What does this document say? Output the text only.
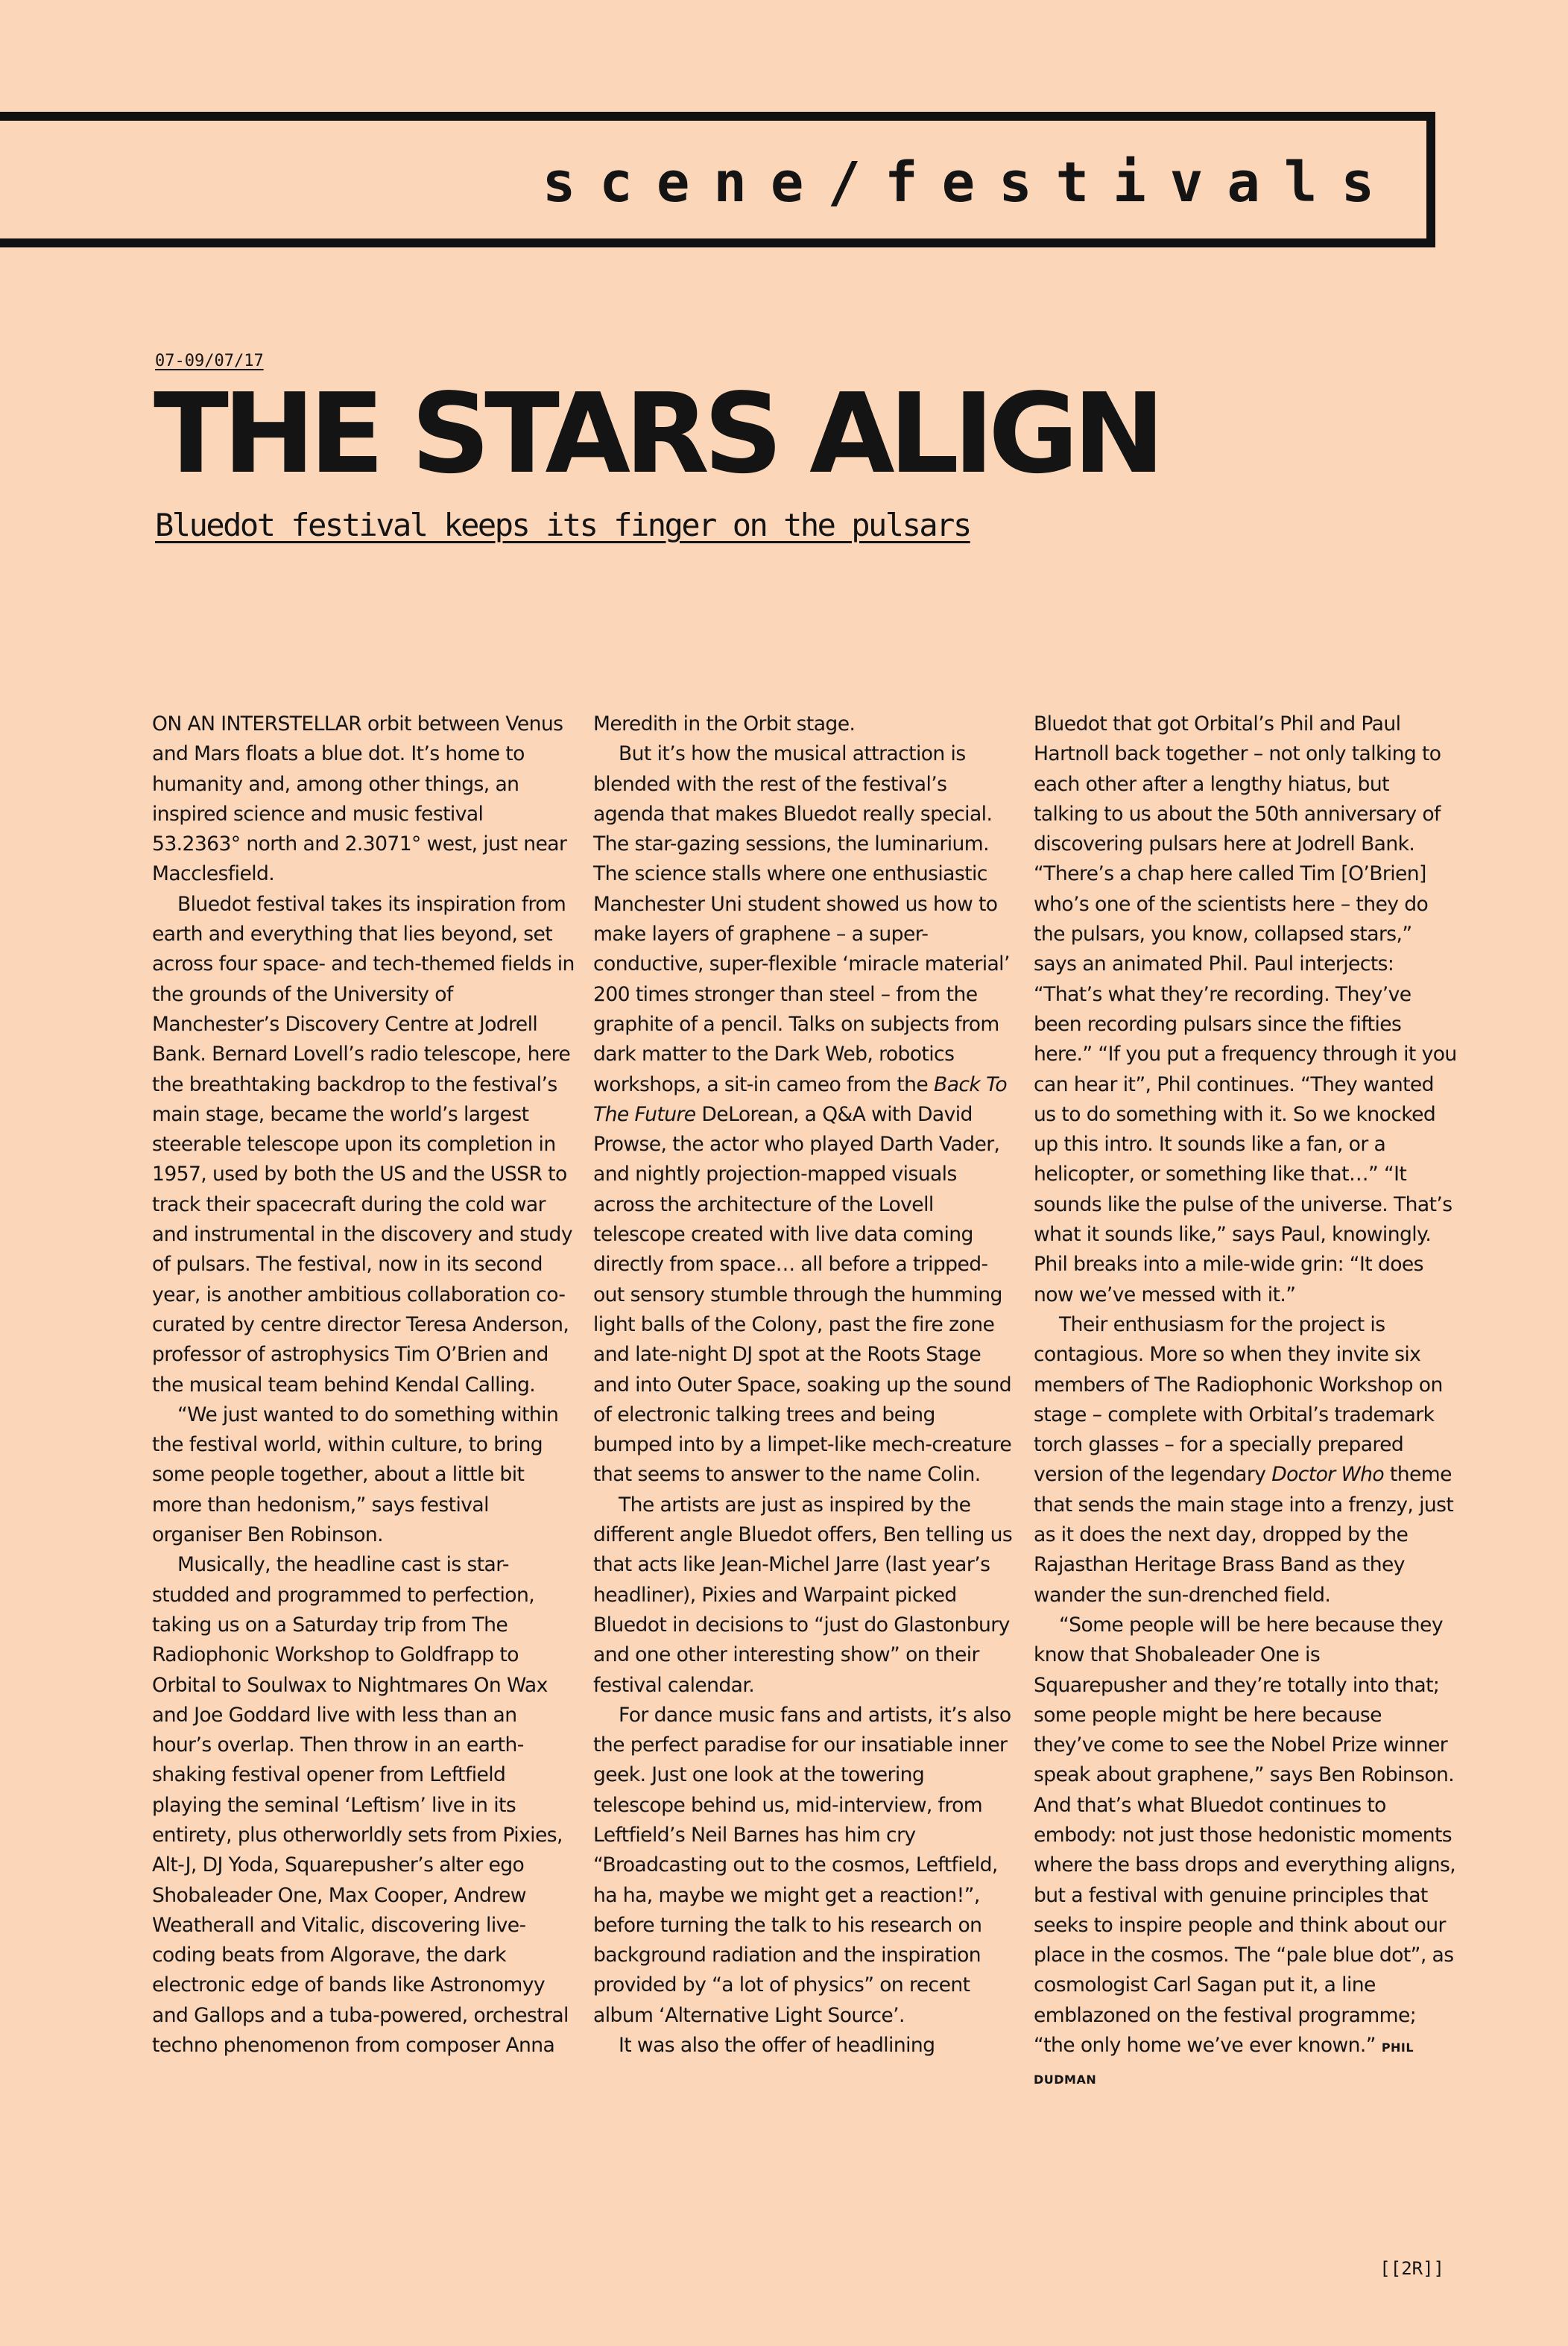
scene/festivals
07-09/07/17
THE STARS ALIGN
Bluedot festival keeps its finger on the pulsars

ON AN INTERSTELLAR orbit between Venus and Mars floats a blue dot. It’s home to humanity and, among other things, an inspired science and music festival 53.2363° north and 2.3071° west, just near Macclesfield.

Bluedot festival takes its inspiration from earth and everything that lies beyond, set across four space- and tech-themed fields in the grounds of the University of Manchester’s Discovery Centre at Jodrell Bank. Bernard Lovell’s radio telescope, here the breathtaking backdrop to the festival’s main stage, became the world’s largest steerable telescope upon its completion in 1957, used by both the US and the USSR to track their spacecraft during the cold war and instrumental in the discovery and study of pulsars. The festival, now in its second year, is another ambitious collaboration co-curated by centre director Teresa Anderson, professor of astrophysics Tim O’Brien and the musical team behind Kendal Calling.

“We just wanted to do something within the festival world, within culture, to bring some people together, about a little bit more than hedonism,” says festival organiser Ben Robinson.

Musically, the headline cast is star-studded and programmed to perfection, taking us on a Saturday trip from The Radiophonic Workshop to Goldfrapp to Orbital to Soulwax to Nightmares On Wax and Joe Goddard live with less than an hour’s overlap. Then throw in an earth-shaking festival opener from Leftfield playing the seminal ‘Leftism’ live in its entirety, plus otherworldly sets from Pixies, Alt-J, DJ Yoda, Squarepusher’s alter ego Shobaleader One, Max Cooper, Andrew Weatherall and Vitalic, discovering live-coding beats from Algorave, the dark electronic edge of bands like Astronomyy and Gallops and a tuba-powered, orchestral techno phenomenon from composer Anna

Meredith in the Orbit stage.

But it’s how the musical attraction is blended with the rest of the festival’s agenda that makes Bluedot really special. The star-gazing sessions, the luminarium. The science stalls where one enthusiastic Manchester Uni student showed us how to make layers of graphene – a super-conductive, super-flexible ‘miracle material’ 200 times stronger than steel – from the graphite of a pencil. Talks on subjects from dark matter to the Dark Web, robotics workshops, a sit-in cameo from the Back To The Future DeLorean, a Q&A with David Prowse, the actor who played Darth Vader, and nightly projection-mapped visuals across the architecture of the Lovell telescope created with live data coming directly from space… all before a tripped-out sensory stumble through the humming light balls of the Colony, past the fire zone and late-night DJ spot at the Roots Stage and into Outer Space, soaking up the sound of electronic talking trees and being bumped into by a limpet-like mech-creature that seems to answer to the name Colin.

The artists are just as inspired by the different angle Bluedot offers, Ben telling us that acts like Jean-Michel Jarre (last year’s headliner), Pixies and Warpaint picked Bluedot in decisions to “just do Glastonbury and one other interesting show” on their festival calendar.

For dance music fans and artists, it’s also the perfect paradise for our insatiable inner geek. Just one look at the towering telescope behind us, mid-interview, from Leftfield’s Neil Barnes has him cry “Broadcasting out to the cosmos, Leftfield, ha ha, maybe we might get a reaction!”, before turning the talk to his research on background radiation and the inspiration provided by “a lot of physics” on recent album ‘Alternative Light Source’.

It was also the offer of headlining

Bluedot that got Orbital’s Phil and Paul Hartnoll back together – not only talking to each other after a lengthy hiatus, but talking to us about the 50th anniversary of discovering pulsars here at Jodrell Bank. “There’s a chap here called Tim [O’Brien] who’s one of the scientists here – they do the pulsars, you know, collapsed stars,” says an animated Phil. Paul interjects: “That’s what they’re recording. They’ve been recording pulsars since the fifties here.” “If you put a frequency through it you can hear it”, Phil continues. “They wanted us to do something with it. So we knocked up this intro. It sounds like a fan, or a helicopter, or something like that…” “It sounds like the pulse of the universe. That’s what it sounds like,” says Paul, knowingly. Phil breaks into a mile-wide grin: “It does now we’ve messed with it.”

Their enthusiasm for the project is contagious. More so when they invite six members of The Radiophonic Workshop on stage – complete with Orbital’s trademark torch glasses – for a specially prepared version of the legendary Doctor Who theme that sends the main stage into a frenzy, just as it does the next day, dropped by the Rajasthan Heritage Brass Band as they wander the sun-drenched field.

“Some people will be here because they know that Shobaleader One is Squarepusher and they’re totally into that; some people might be here because they’ve come to see the Nobel Prize winner speak about graphene,” says Ben Robinson. And that’s what Bluedot continues to embody: not just those hedonistic moments where the bass drops and everything aligns, but a festival with genuine principles that seeks to inspire people and think about our place in the cosmos. The “pale blue dot”, as cosmologist Carl Sagan put it, a line emblazoned on the festival programme; “the only home we’ve ever known.” PHIL DUDMAN

[[2R]]
